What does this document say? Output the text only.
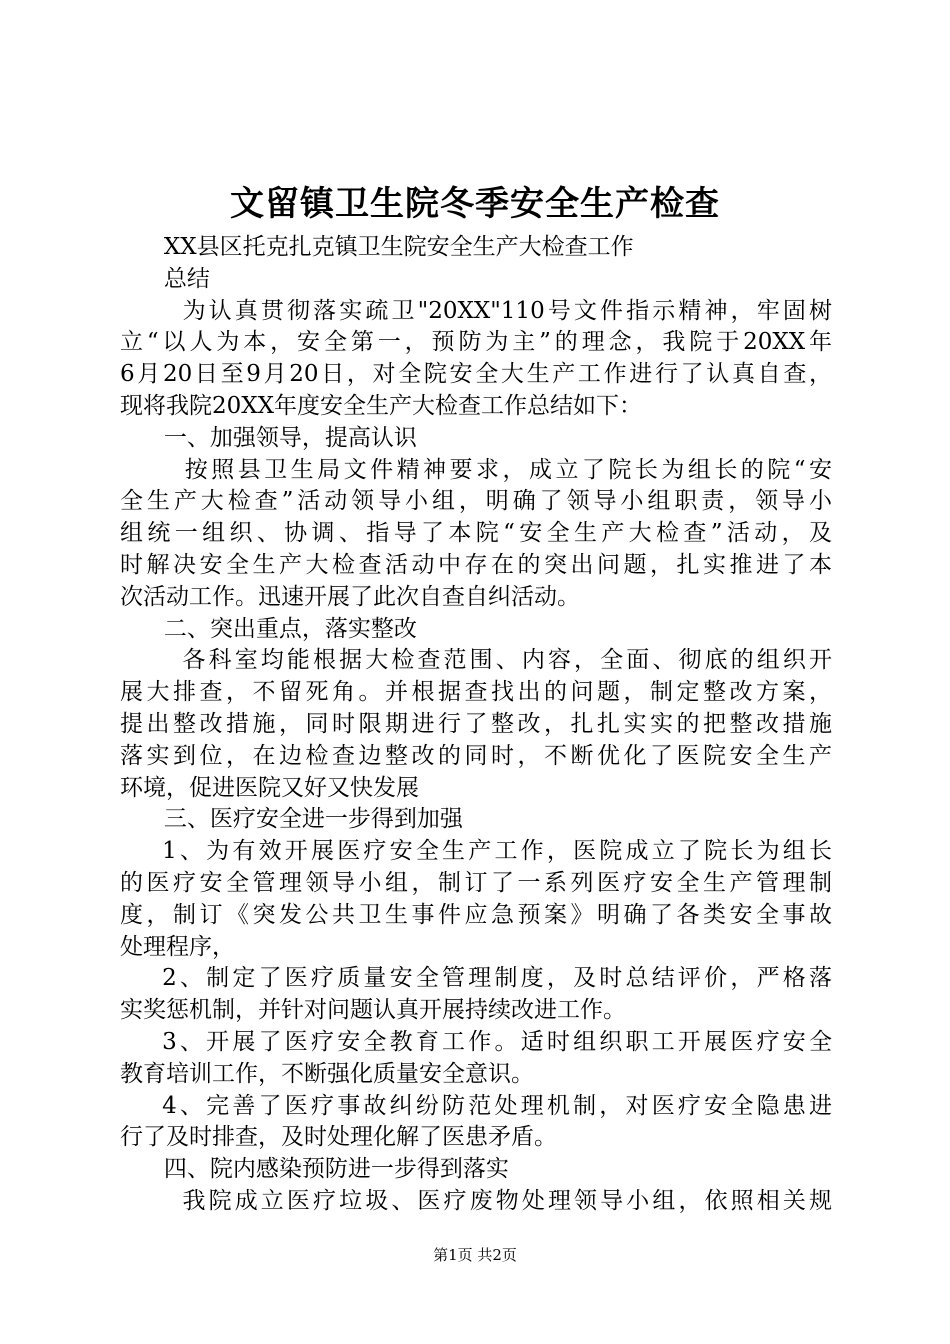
文留镇卫生院冬季安全生产检查
XX县区托克扎克镇卫生院安全生产大检查工作
总结
为认真贯彻落实疏卫"20XX"110号文件指示精神，牢固树
立“以人为本，安全第一，预防为主”的理念，我院于20XX年
6月20日至9月20日，对全院安全大生产工作进行了认真自查，
现将我院20XX年度安全生产大检查工作总结如下：
一、加强领导，提高认识
按照县卫生局文件精神要求，成立了院长为组长的院“安
全生产大检查”活动领导小组，明确了领导小组职责，领导小
组统一组织、协调、指导了本院“安全生产大检查”活动，及
时解决安全生产大检查活动中存在的突出问题，扎实推进了本
次活动工作。迅速开展了此次自查自纠活动。
二、突出重点，落实整改
各科室均能根据大检查范围、内容，全面、彻底的组织开
展大排查，不留死角。并根据查找出的问题，制定整改方案，
提出整改措施，同时限期进行了整改，扎扎实实的把整改措施
落实到位，在边检查边整改的同时，不断优化了医院安全生产
环境，促进医院又好又快发展
三、医疗安全进一步得到加强
1、为有效开展医疗安全生产工作，医院成立了院长为组长
的医疗安全管理领导小组，制订了一系列医疗安全生产管理制
度，制订《突发公共卫生事件应急预案》明确了各类安全事故
处理程序，
2、制定了医疗质量安全管理制度，及时总结评价，严格落
实奖惩机制，并针对问题认真开展持续改进工作。
3、开展了医疗安全教育工作。适时组织职工开展医疗安全
教育培训工作，不断强化质量安全意识。
4、完善了医疗事故纠纷防范处理机制，对医疗安全隐患进
行了及时排查，及时处理化解了医患矛盾。
四、院内感染预防进一步得到落实
我院成立医疗垃圾、医疗废物处理领导小组，依照相关规
第1页 共2页
